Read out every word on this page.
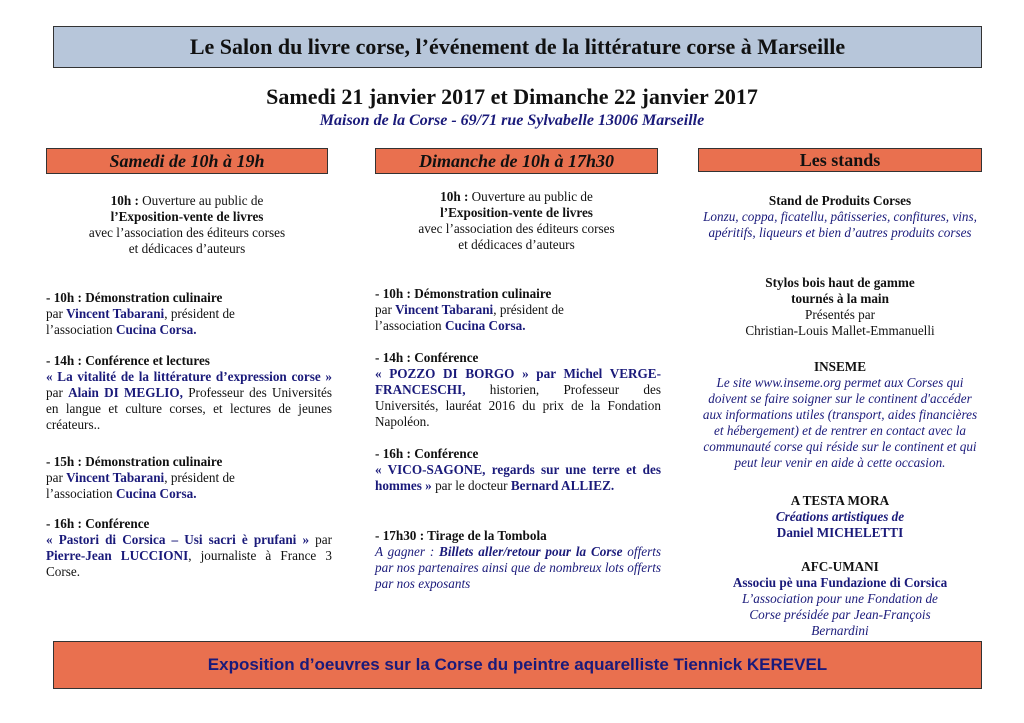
Le Salon du livre corse, l’événement de la littérature corse à Marseille
Samedi 21 janvier 2017 et Dimanche 22 janvier 2017
Maison de la Corse - 69/71 rue Sylvabelle 13006 Marseille
Samedi de 10h à 19h

10h : Ouverture au public de

l’Exposition-vente de livres

avec l’association des éditeurs corses

et dédicaces d’auteurs

- 10h : Démonstration culinaire

par Vincent Tabarani, président de

l’association Cucina Corsa.

- 14h : Conférence et lectures

« La vitalité de la littérature d’expression corse » par Alain DI MEGLIO, Professeur des Universités en langue et culture corses, et lectures de jeunes créateurs..

- 15h : Démonstration culinaire

par Vincent Tabarani, président de

l’association Cucina Corsa.

- 16h : Conférence

« Pastori di Corsica – Usi sacri è prufani » par Pierre-Jean LUCCIONI, journaliste à France 3 Corse.

Dimanche de 10h à 17h30

10h : Ouverture au public de

l’Exposition-vente de livres

avec l’association des éditeurs corses

et dédicaces d’auteurs

- 10h : Démonstration culinaire

par Vincent Tabarani, président de

l’association Cucina Corsa.

- 14h : Conférence

« POZZO DI BORGO » par Michel VERGE-FRANCESCHI, historien, Professeur des Universités, lauréat 2016 du prix de la Fondation Napoléon.

- 16h : Conférence

« VICO-SAGONE, regards sur une terre et des hommes » par le docteur Bernard ALLIEZ.

- 17h30 : Tirage de la Tombola

A gagner : Billets aller/retour pour la Corse offerts par nos partenaires ainsi que de nombreux lots offerts par nos exposants

Les stands

Stand de Produits Corses

Lonzu, coppa, ficatellu, pâtisseries, confitures, vins, apéritifs, liqueurs et bien d’autres produits corses

Stylos bois haut de gamme tournés à la main

Présentés par

Christian-Louis Mallet-Emmanuelli

INSEME

Le site www.inseme.org permet aux Corses qui doivent se faire soigner sur le continent d'accéder aux informations utiles (transport, aides financières et hébergement) et de rentrer en contact avec la communauté corse qui réside sur le continent et qui peut leur venir en aide à cette occasion.

A TESTA MORA

Créations artistiques de

Daniel MICHELETTI

AFC-UMANI

Associu pè una Fundazione di Corsica

L’association pour une Fondation de Corse présidée par Jean-François Bernardini

Exposition d’oeuvres sur la Corse du peintre aquarelliste Tiennick KEREVEL
